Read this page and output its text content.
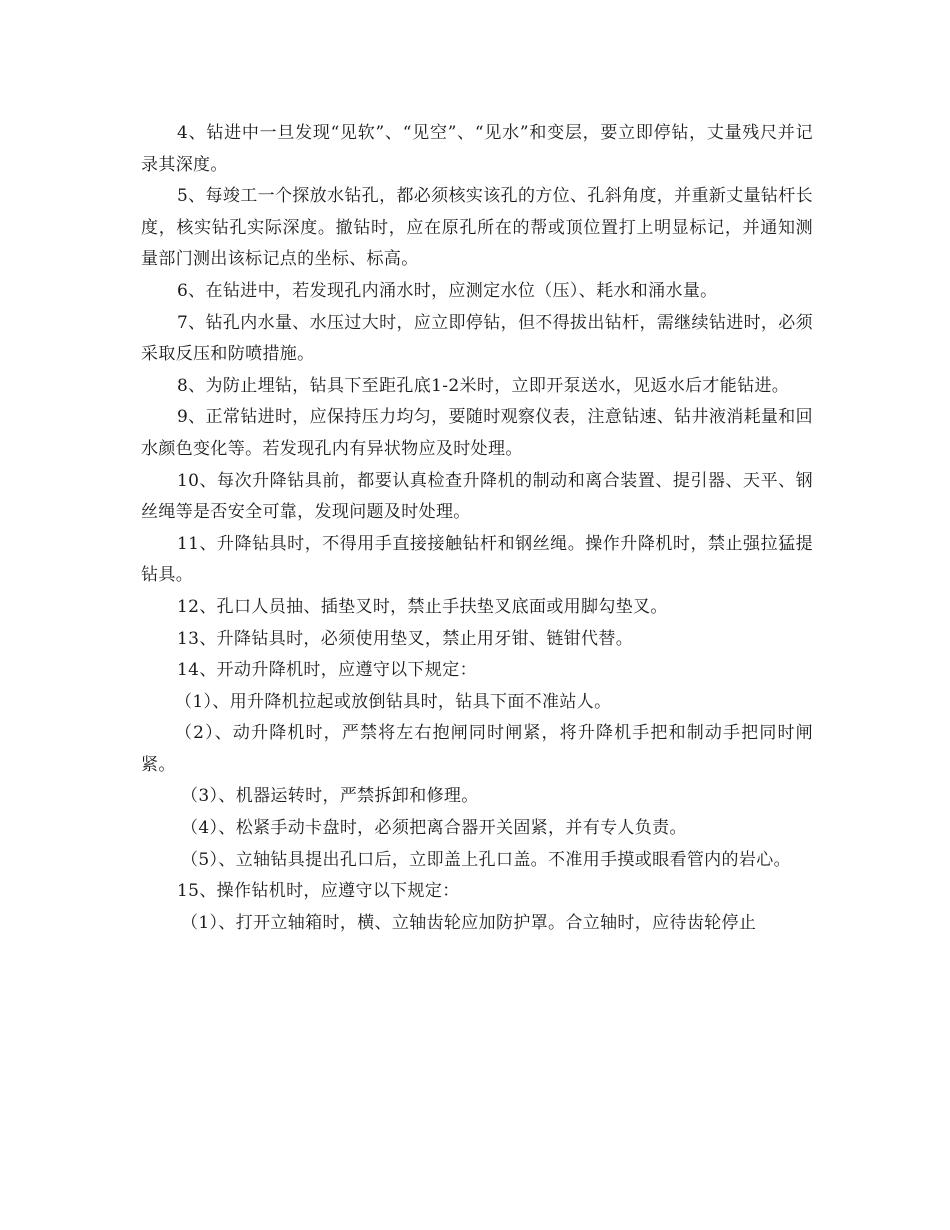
4、钻进中一旦发现“见软”、“见空”、“见水”和变层，要立即停钻，丈量残尺并记录其深度。

5、每竣工一个探放水钻孔，都必须核实该孔的方位、孔斜角度，并重新丈量钻杆长度，核实钻孔实际深度。撤钻时，应在原孔所在的帮或顶位置打上明显标记，并通知测量部门测出该标记点的坐标、标高。

6、在钻进中，若发现孔内涌水时，应测定水位（压）、耗水和涌水量。

7、钻孔内水量、水压过大时，应立即停钻，但不得拔出钻杆，需继续钻进时，必须采取反压和防喷措施。

8、为防止埋钻，钻具下至距孔底1-2米时，立即开泵送水，见返水后才能钻进。

9、正常钻进时，应保持压力均匀，要随时观察仪表，注意钻速、钻井液消耗量和回水颜色变化等。若发现孔内有异状物应及时处理。

10、每次升降钻具前，都要认真检查升降机的制动和离合装置、提引器、天平、钢丝绳等是否安全可靠，发现问题及时处理。

11、升降钻具时，不得用手直接接触钻杆和钢丝绳。操作升降机时，禁止强拉猛提钻具。

12、孔口人员抽、插垫叉时，禁止手扶垫叉底面或用脚勾垫叉。

13、升降钻具时，必须使用垫叉，禁止用牙钳、链钳代替。

14、开动升降机时，应遵守以下规定：

（1）、用升降机拉起或放倒钻具时，钻具下面不准站人。

（2）、动升降机时，严禁将左右抱闸同时闸紧，将升降机手把和制动手把同时闸紧。

（3）、机器运转时，严禁拆卸和修理。

（4）、松紧手动卡盘时，必须把离合器开关固紧，并有专人负责。

（5）、立轴钻具提出孔口后，立即盖上孔口盖。不准用手摸或眼看管内的岩心。

15、操作钻机时，应遵守以下规定：

（1）、打开立轴箱时，横、立轴齿轮应加防护罩。合立轴时，应待齿轮停止
